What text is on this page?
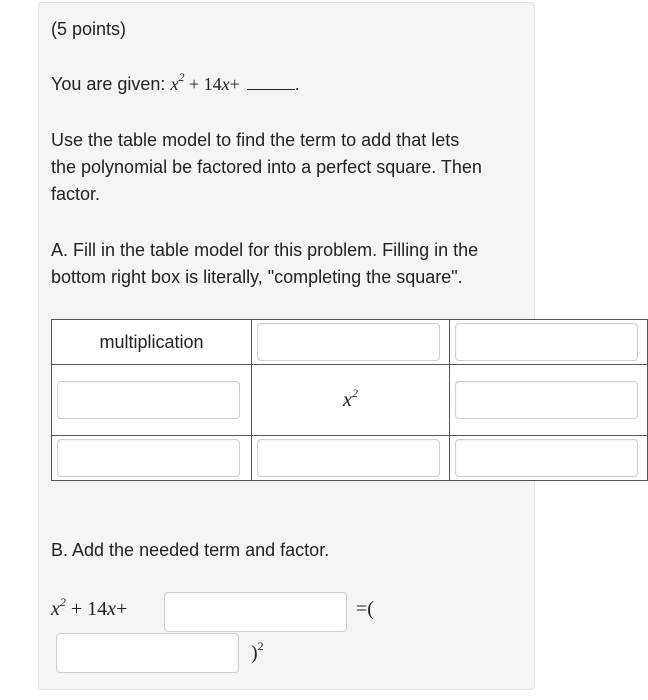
(5 points)
You are given: $x^2 + 14x+$	.
Use the table model to find the term to add that lets
the polynomial be factored into a perfect square. Then
factor.
A. Fill in the table model for this problem. Filling in the
bottom right box is literally, "completing the square".
multiplication	

	$x^2$	

B. Add the needed term and factor.
$x^2 + 14x+$	=(
)$^2$
